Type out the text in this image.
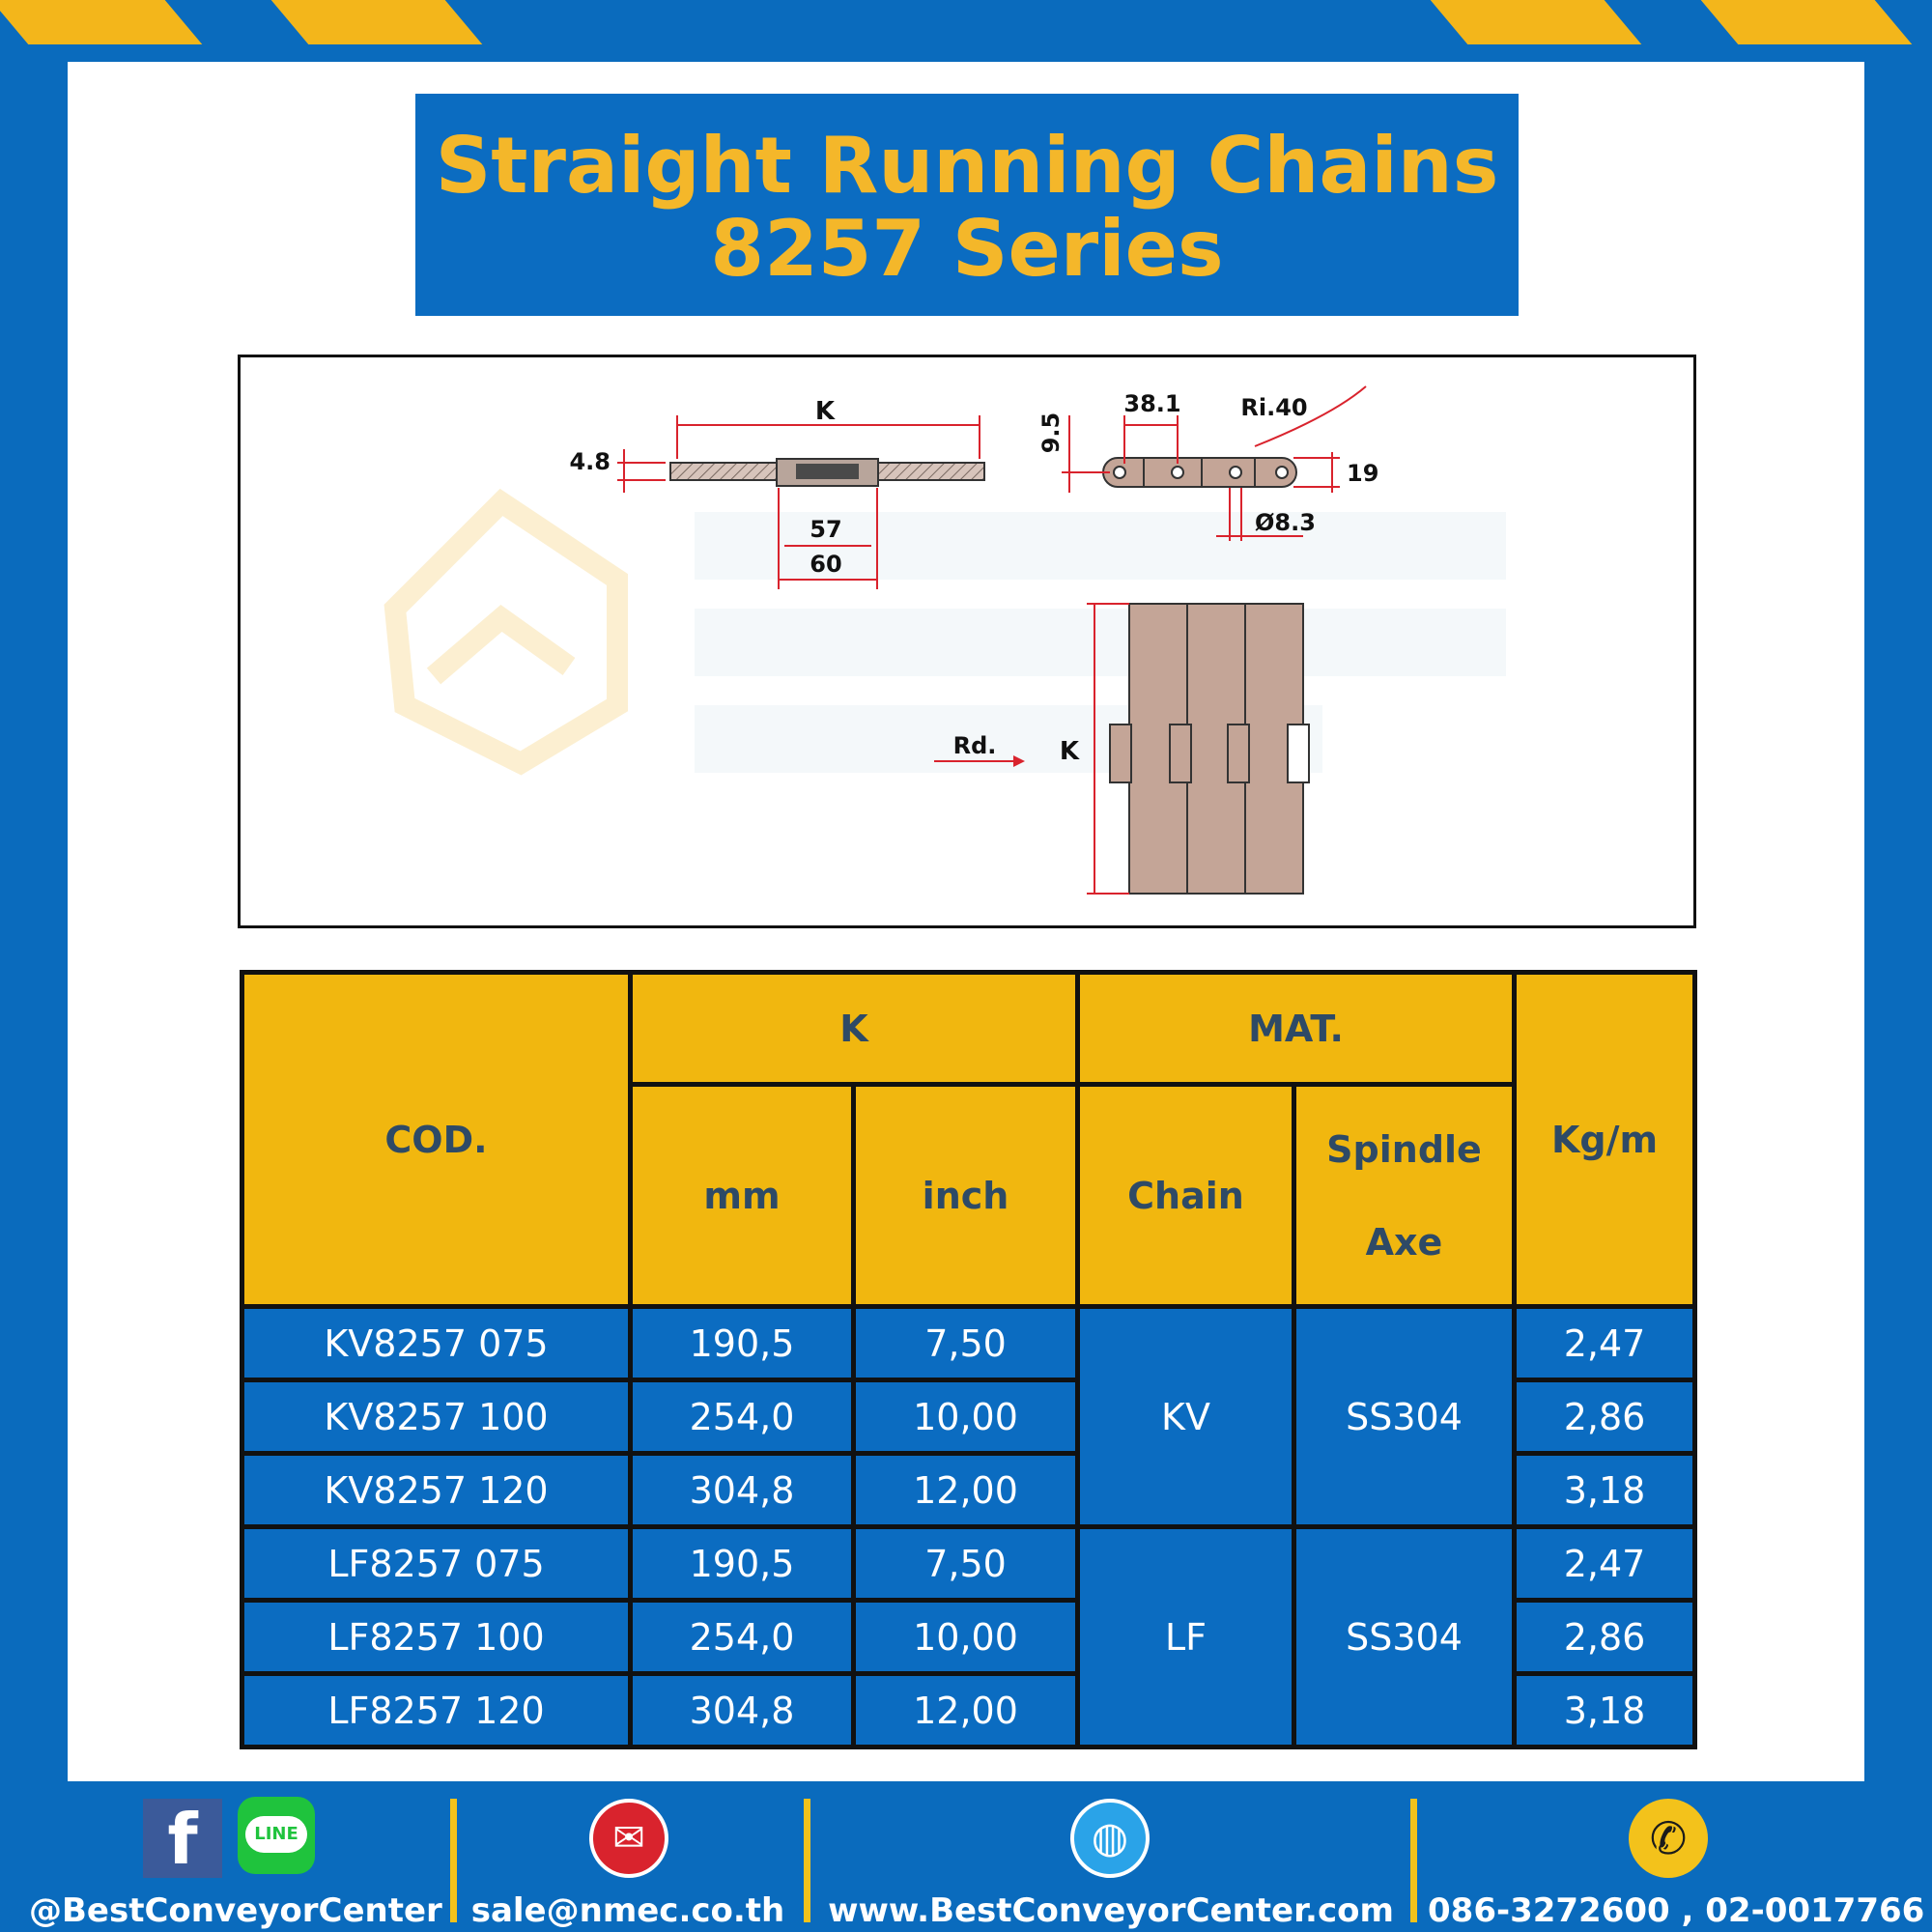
Straight Running Chains
8257 Series
K
4.8
57
60
9.5
38.1	Ri.40
19
Ø8.3
Rd.	K
COD.	K		MAT.		Kg/m
	mm	inch	Chain	Spindle
Axe	

KV8257 075	190,5	7,50	KV	SS304	2,47
KV8257 100	254,0	10,00			2,86
KV8257 120	304,8	12,00			3,18
LF8257 075	190,5	7,50	LF	SS304	2,47
LF8257 100	254,0	10,00			2,86
LF8257 120	304,8	12,00			3,18
f	LINE
@BestConveyorCenter
✉
sale@nmec.co.th
◍
www.BestConveyorCenter.com
✆
086-3272600 , 02-0017766
